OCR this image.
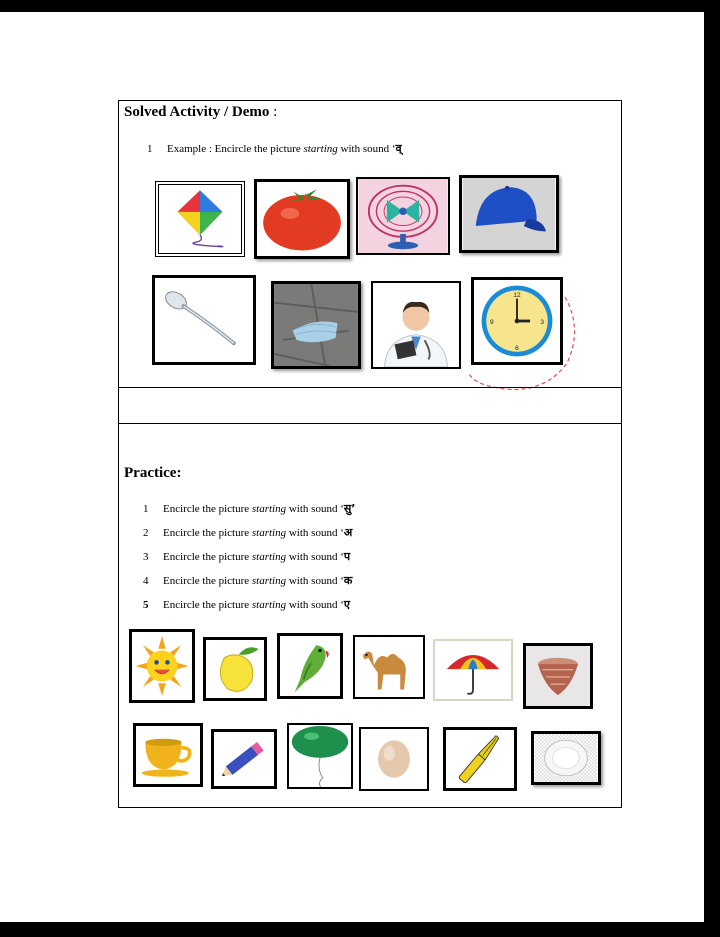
Solved Activity / Demo :
1 Example : Encircle the picture starting with sound ‘व्
12
3
6
9
Practice:
1 Encircle the picture starting with sound ‘सु’
2 Encircle the picture starting with sound ‘अ
3 Encircle the picture starting with sound ‘प
4 Encircle the picture starting with sound ‘क
5 Encircle the picture starting with sound ‘ए
